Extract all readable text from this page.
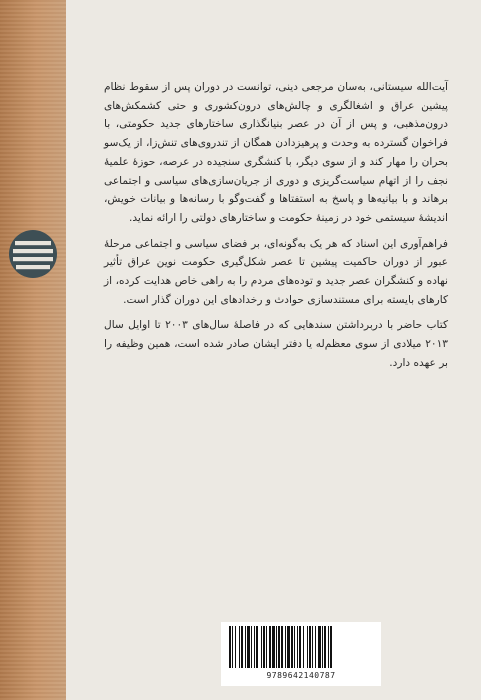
آیت‌الله سیستانی، به‌سان مرجعی دینی، توانست در دوران پس از سقوط نظام پیشین عراق و اشغالگری و چالش‌های درون‌کشوری و حتی کشمکش‌های درون‌مذهبی، و پس از آن در عصر بنیانگذاری ساختارهای جدید حکومتی، با فراخوان گسترده به وحدت و پرهیزدادن همگان از تندروی‌های تنش‌زا، از یک‌سو بحران را مهار کند و از سوی دیگر، با کنشگری سنجیده در عرصه، حوزهٔ علمیهٔ نجف را از اتهام سیاست‌گریزی و دوری از جریان‌سازی‌های سیاسی و اجتماعی برهاند و با بیانیه‌ها و پاسخ به استفتاها و گفت‌وگو با رسانه‌ها و بیانات خویش، اندیشهٔ سیستمی خود در زمینهٔ حکومت و ساختارهای دولتی را ارائه نماید.

فراهم‌آوری این اسناد که هر یک به‌گونه‌ای، بر فضای سیاسی و اجتماعی مرحلهٔ عبور از دوران حاکمیت پیشین تا عصر شکل‌گیری حکومت نوین عراق تأثیر نهاده و کنشگران عصر جدید و توده‌های مردم را به راهی خاص هدایت کرده، از کارهای بایسته برای مستندسازی حوادث و رخدادهای این دوران گذار است.

کتاب حاضر با دربرداشتن سندهایی که در فاصلهٔ سال‌های ۲۰۰۳ تا اوایل سال ۲۰۱۳ میلادی از سوی معظم‌له یا دفتر ایشان صادر شده است، همین وظیفه را بر عهده دارد.

9789642140787
